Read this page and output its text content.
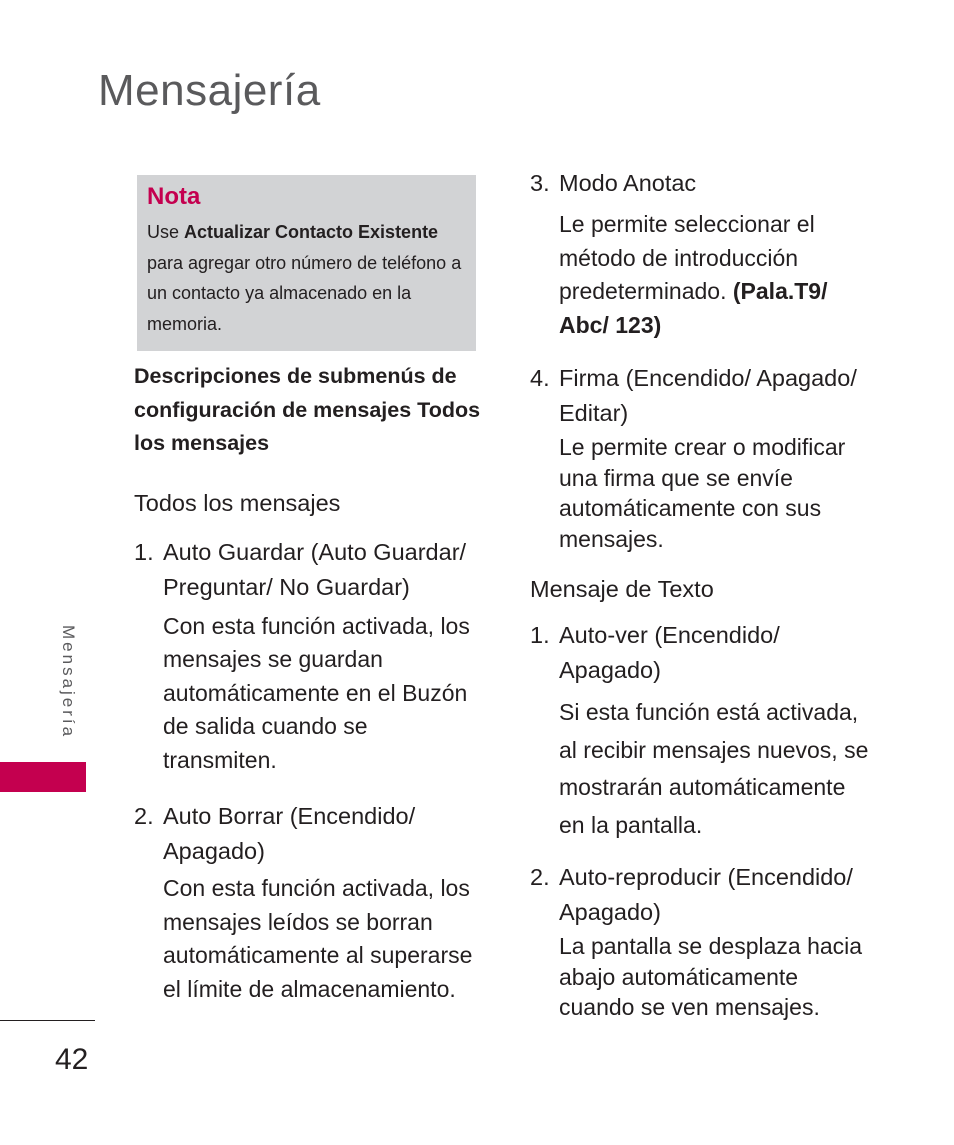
Mensajería
Nota
Use Actualizar Contacto Existente para agregar otro número de teléfono a un contacto ya almacenado en la memoria.
Descripciones de submenús de configuración de mensajes Todos los mensajes
Todos los mensajes
1. Auto Guardar (Auto Guardar/ Preguntar/ No Guardar)
Con esta función activada, los mensajes se guardan automáticamente en el Buzón de salida cuando se transmiten.
2. Auto Borrar (Encendido/ Apagado)
Con esta función activada, los mensajes leídos se borran automáticamente al superarse el límite de almacenamiento.
3. Modo Anotac
Le permite seleccionar el método de introducción predeterminado. (Pala.T9/ Abc/ 123)
4. Firma (Encendido/ Apagado/ Editar)
Le permite crear o modificar una firma que se envíe automáticamente con sus mensajes.
Mensaje de Texto
1. Auto-ver (Encendido/ Apagado)
Si esta función está activada, al recibir mensajes nuevos, se mostrarán automáticamente en la pantalla.
2. Auto-reproducir (Encendido/ Apagado)
La pantalla se desplaza hacia abajo automáticamente cuando se ven mensajes.
Mensajería
42
